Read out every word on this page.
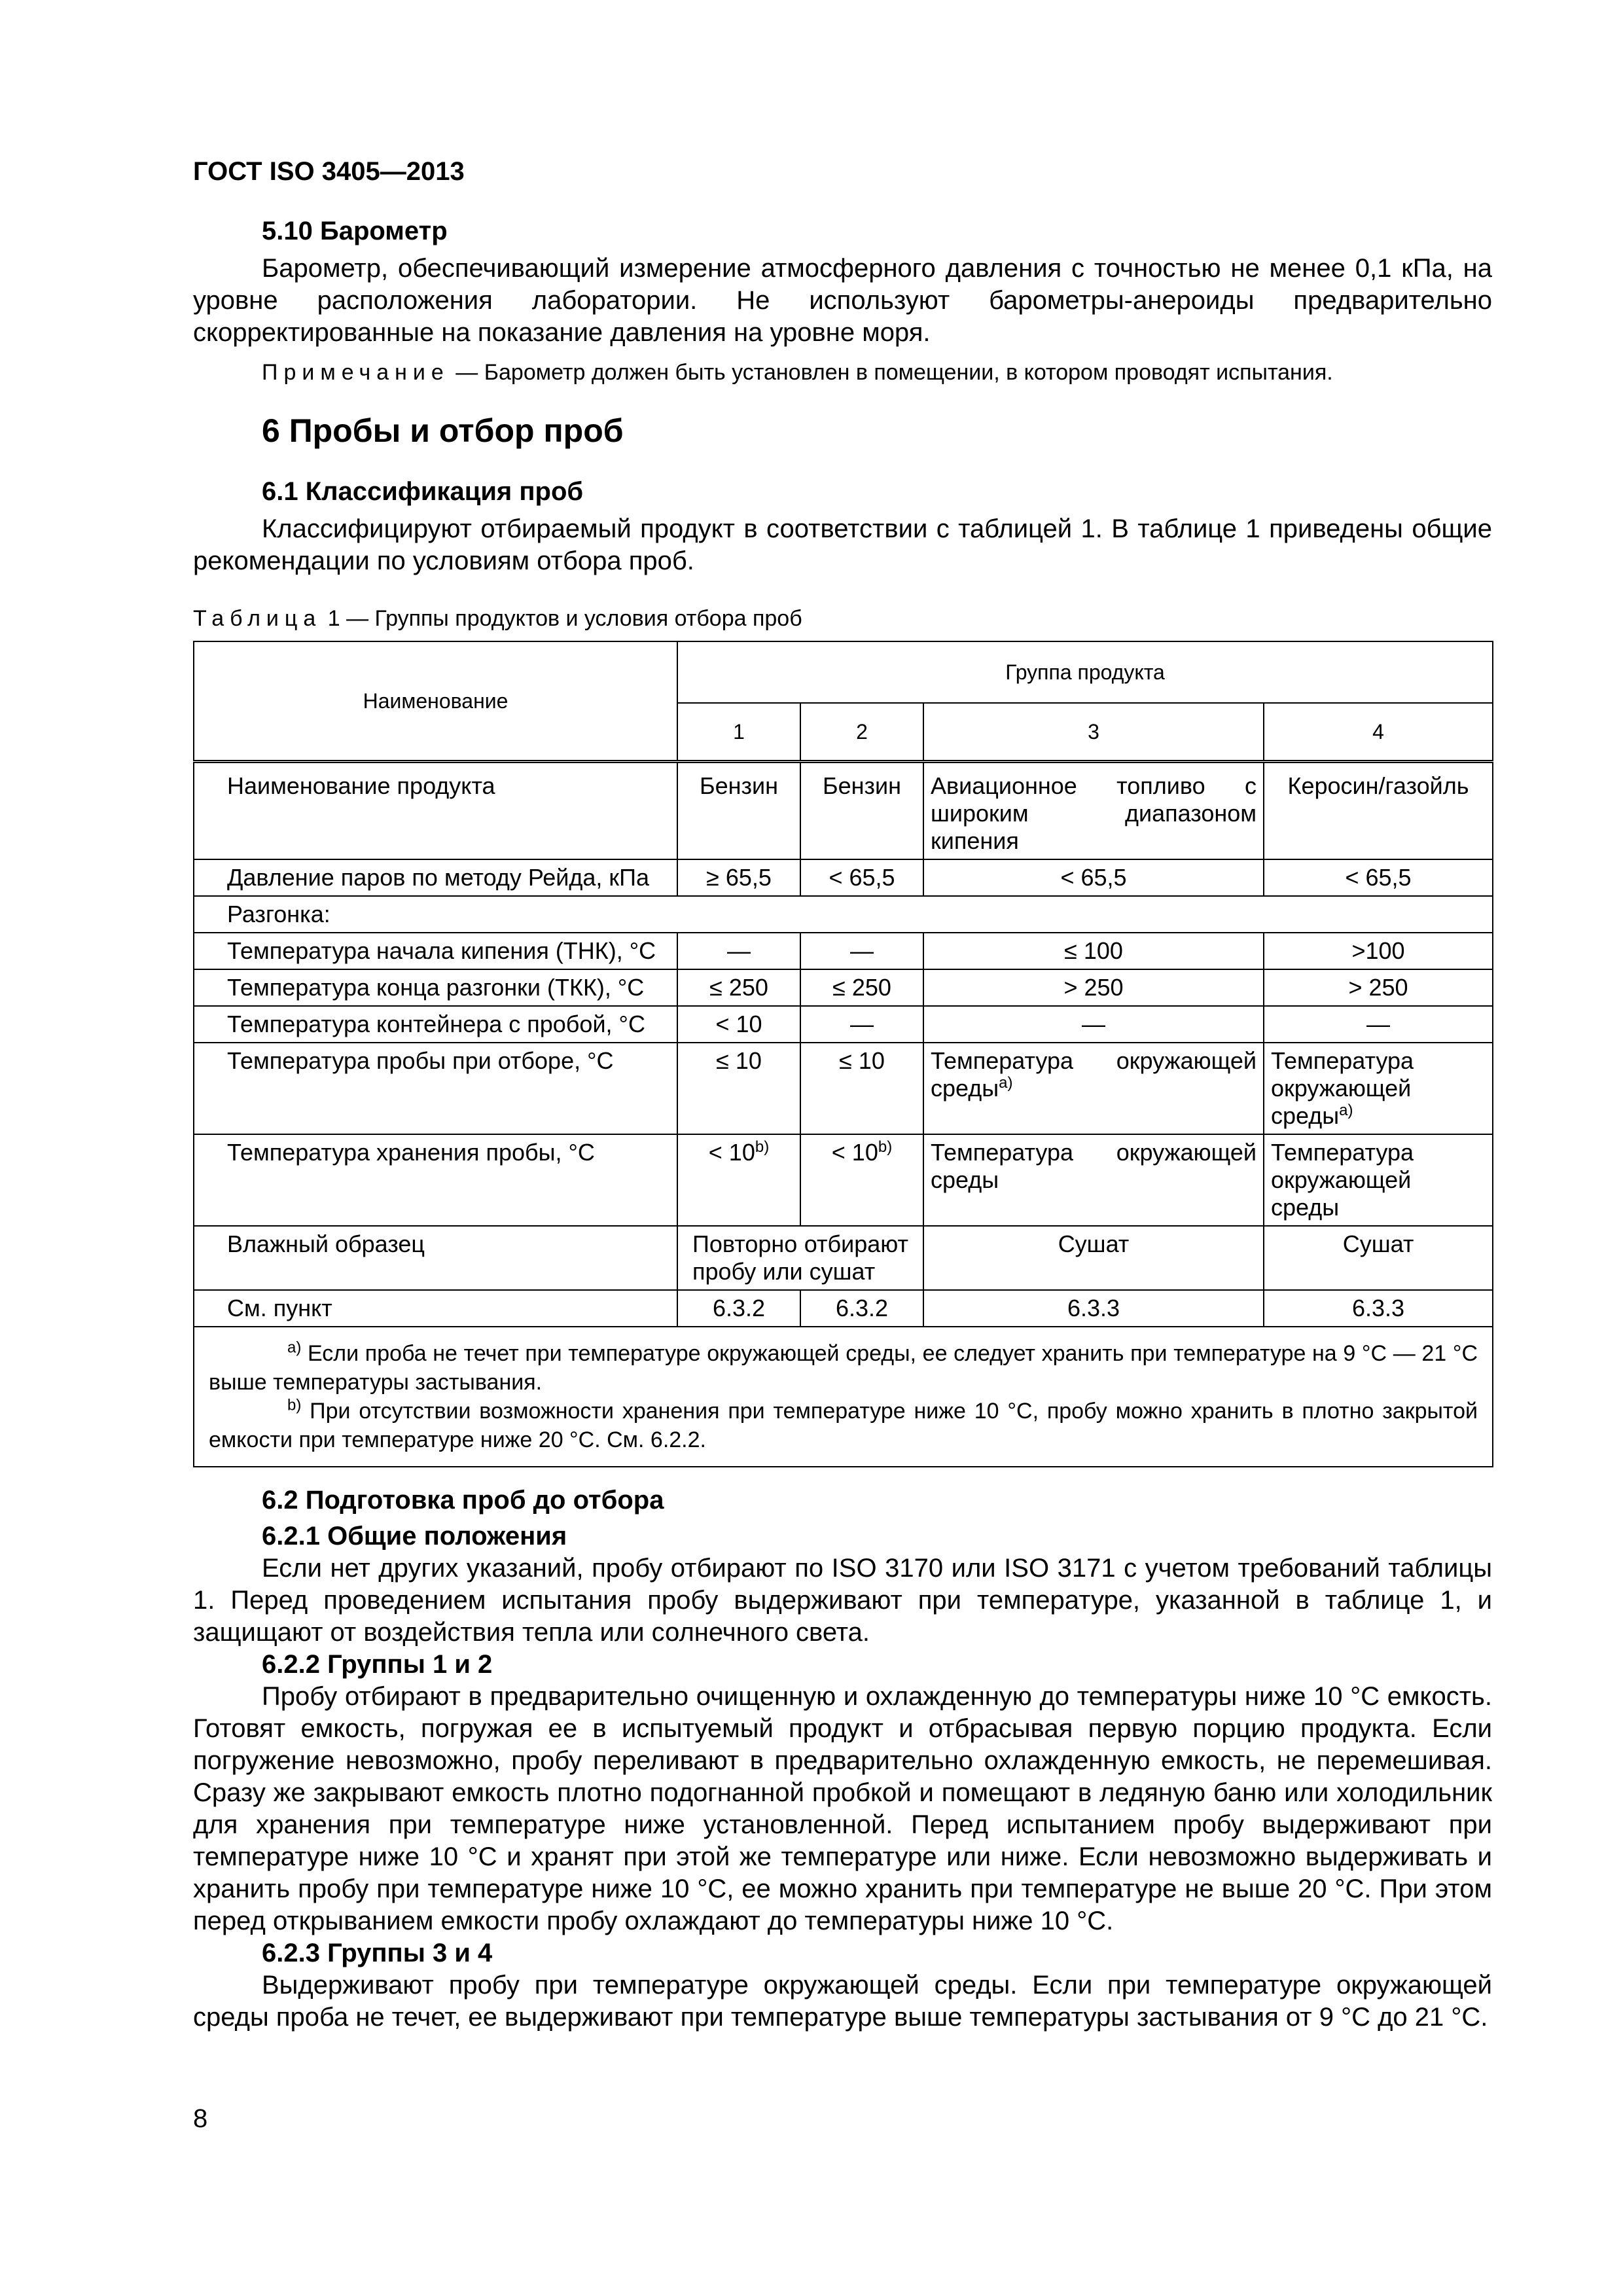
ГОСТ ISO 3405—2013
5.10 Барометр

Барометр, обеспечивающий измерение атмосферного давления с точностью не менее 0,1 кПа, на уровне расположения лаборатории. Не используют барометры-анероиды предварительно скорректированные на показание давления на уровне моря.

Примечание — Барометр должен быть установлен в помещении, в котором проводят испытания.

6 Пробы и отбор проб
6.1 Классификация проб

Классифицируют отбираемый продукт в соответствии с таблицей 1. В таблице 1 приведены общие рекомендации по условиям отбора проб.

Таблица 1 — Группы продуктов и условия отбора проб
Наименование	Группа продукта			
	1	2	3	4
Наименование продукта	Бензин	Бензин	Авиационное топливо с широким диапазоном кипения	Керосин/газойль
Давление паров по методу Рейда, кПа	≥ 65,5	< 65,5	< 65,5	< 65,5
Разгонка:				
Температура начала кипения (ТНК), °С	—	—	≤ 100	>100
Температура конца разгонки (ТКК), °С	≤ 250	≤ 250	> 250	> 250
Температура контейнера с пробой, °С	< 10	—	—	—
Температура пробы при отборе, °С	≤ 10	≤ 10	Температура окружающей среды$^{a)}$	Температура окружающей среды$^{a)}$
Температура хранения пробы, °С	< $10^{b)}$	< $10^{b)}$	Температура окружающей среды	Температура окружающей среды
Влажный образец	Повторно отбирают пробу или сушат		Сушат	Сушат
См. пункт	6.3.2	6.3.2	6.3.3	6.3.3

$^{a)}$ Если проба не течет при температуре окружающей среды, ее следует хранить при температуре на 9 °С — 21 °С выше температуры застывания.

$^{b)}$ При отсутствии возможности хранения при температуре ниже 10 °С, пробу можно хранить в плотно закрытой емкости при температуре ниже 20 °С. См. 6.2.2.				

6.2 Подготовка проб до отбора
6.2.1 Общие положения

Если нет других указаний, пробу отбирают по ISO 3170 или ISO 3171 с учетом требований таблицы 1. Перед проведением испытания пробу выдерживают при температуре, указанной в таблице 1, и защищают от воздействия тепла или солнечного света.

6.2.2 Группы 1 и 2

Пробу отбирают в предварительно очищенную и охлажденную до температуры ниже 10 °С емкость. Готовят емкость, погружая ее в испытуемый продукт и отбрасывая первую порцию продукта. Если погружение невозможно, пробу переливают в предварительно охлажденную емкость, не перемешивая. Сразу же закрывают емкость плотно подогнанной пробкой и помещают в ледяную баню или холодильник для хранения при температуре ниже установленной. Перед испытанием пробу выдерживают при температуре ниже 10 °С и хранят при этой же температуре или ниже. Если невозможно выдерживать и хранить пробу при температуре ниже 10 °С, ее можно хранить при температуре не выше 20 °С. При этом перед открыванием емкости пробу охлаждают до температуры ниже 10 °С.

6.2.3 Группы 3 и 4

Выдерживают пробу при температуре окружающей среды. Если при температуре окружающей среды проба не течет, ее выдерживают при температуре выше температуры застывания от 9 °С до 21 °С.

8
